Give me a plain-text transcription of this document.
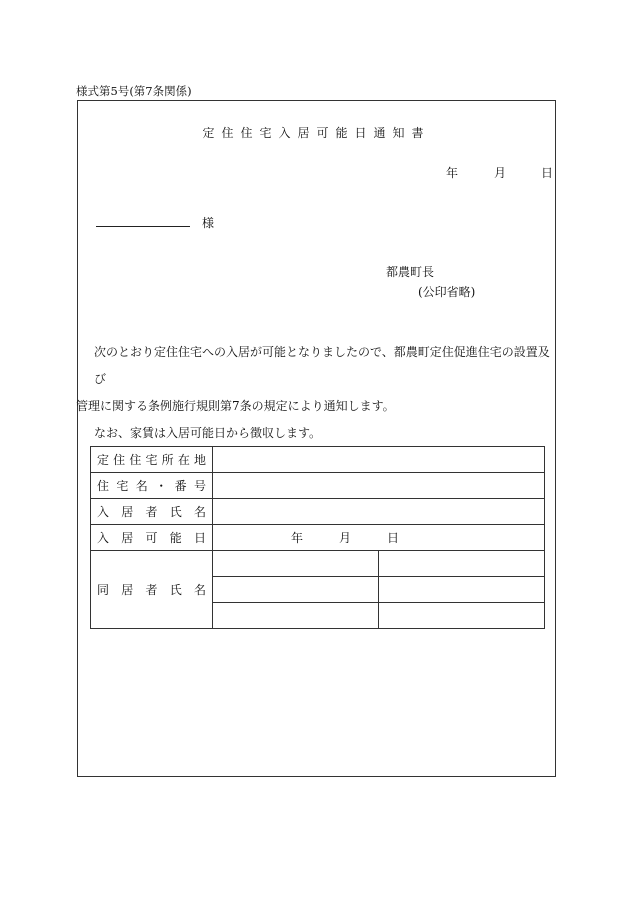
様式第5号(第7条関係)
定住住宅入居可能日通知書
年	月	日
様
都農町長
(公印省略)
次のとおり定住住宅への入居が可能となりましたので、都農町定住促進住宅の設置及び
管理に関する条例施行規則第7条の規定により通知します。
なお、家賃は入居可能日から徴収します。
定住住宅所在地		
住宅名・番号		
入居者氏名		
入居可能日	年 月 日	

同居者氏名		
